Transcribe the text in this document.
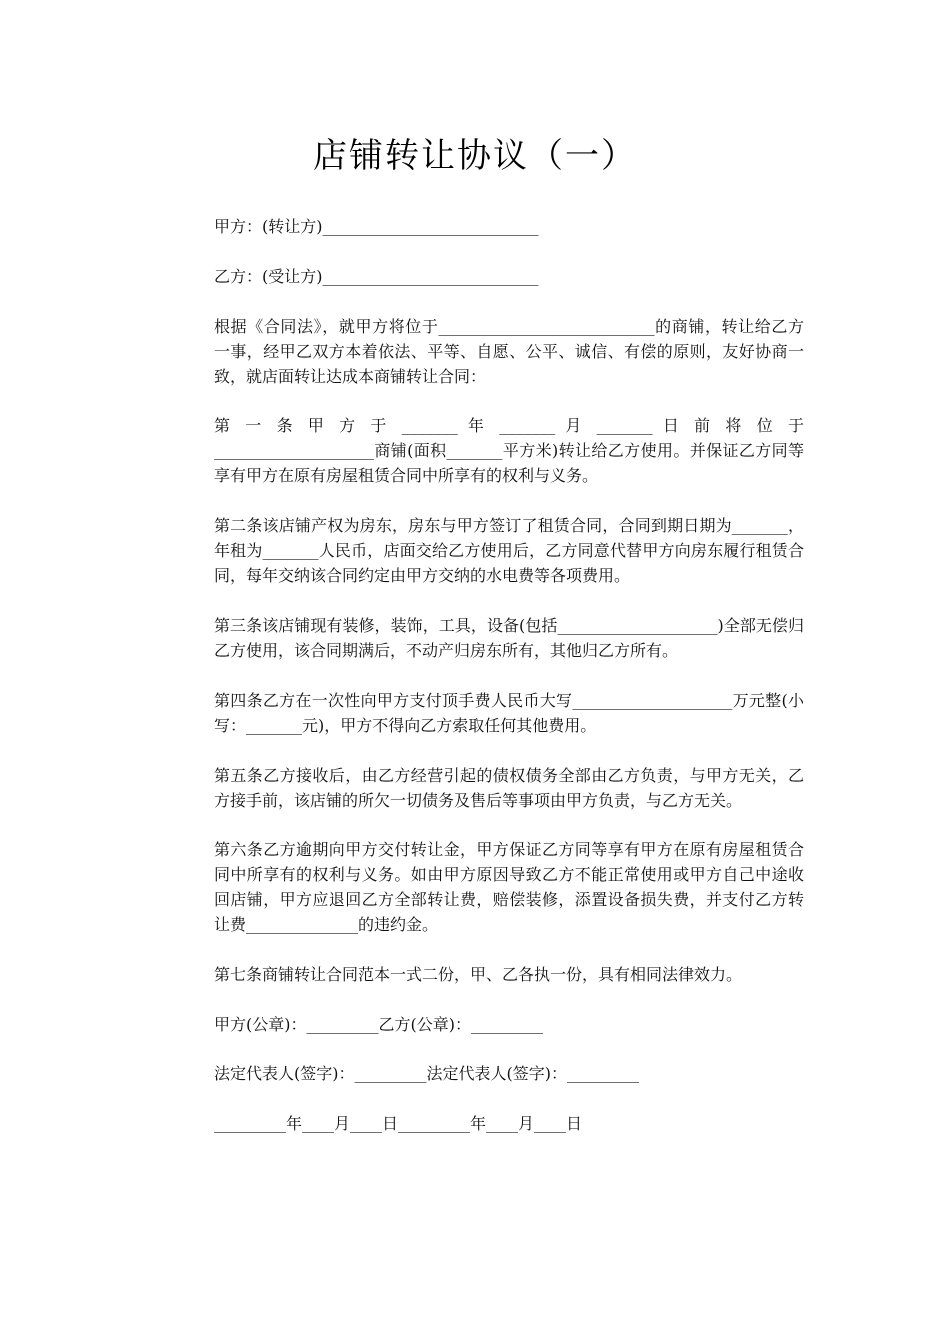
店铺转让协议（一）
甲方：(转让方)___________________________
乙方：(受让方)___________________________
根据《合同法》，就甲方将位于___________________________的商铺，转让给乙方一事，经甲乙双方本着依法、平等、自愿、公平、诚信、有偿的原则，友好协商一致，就店面转让达成本商铺转让合同：
第 一 条 甲 方 于 _______ 年 _______ 月 _______ 日 前 将 位 于 ____________________商铺(面积_______平方米)转让给乙方使用。并保证乙方同等享有甲方在原有房屋租赁合同中所享有的权利与义务。
第二条该店铺产权为房东，房东与甲方签订了租赁合同，合同到期日期为_______，年租为_______人民币，店面交给乙方使用后，乙方同意代替甲方向房东履行租赁合同，每年交纳该合同约定由甲方交纳的水电费等各项费用。
第三条该店铺现有装修，装饰，工具，设备(包括____________________)全部无偿归乙方使用，该合同期满后，不动产归房东所有，其他归乙方所有。
第四条乙方在一次性向甲方支付顶手费人民币大写____________________万元整(小写：_______元)，甲方不得向乙方索取任何其他费用。
第五条乙方接收后，由乙方经营引起的债权债务全部由乙方负责，与甲方无关，乙方接手前，该店铺的所欠一切债务及售后等事项由甲方负责，与乙方无关。
第六条乙方逾期向甲方交付转让金，甲方保证乙方同等享有甲方在原有房屋租赁合同中所享有的权利与义务。如由甲方原因导致乙方不能正常使用或甲方自己中途收回店铺，甲方应退回乙方全部转让费，赔偿装修，添置设备损失费，并支付乙方转让费______________的违约金。
第七条商铺转让合同范本一式二份，甲、乙各执一份，具有相同法律效力。
甲方(公章)：_________乙方(公章)：_________
法定代表人(签字)：_________法定代表人(签字)：_________
_________年____月____日_________年____月____日
